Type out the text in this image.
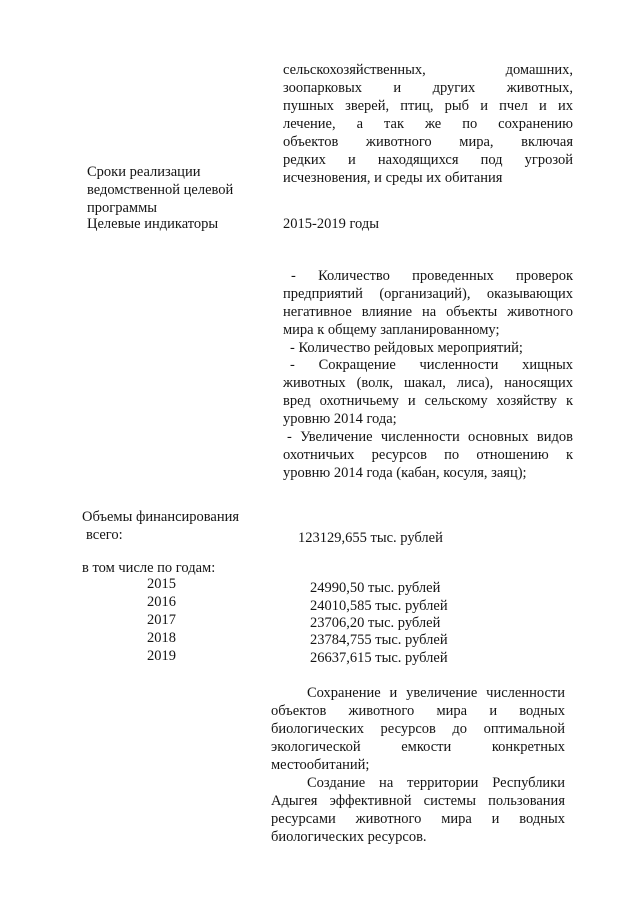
сельскохозяйственных, домашних,
зоопарковых и других животных,
пушных зверей, птиц, рыб и пчел и их
лечение, а так же по сохранению
объектов животного мира, включая
редких и находящихся под угрозой
исчезновения, и среды их обитания
Сроки реализации
ведомственной целевой
программы
Целевые индикаторы	2015-2019 годы
- Количество проведенных проверок
предприятий (организаций), оказывающих
негативное влияние на объекты животного
мира к общему запланированному;
- Количество рейдовых мероприятий;
- Сокращение численности хищных
животных (волк, шакал, лиса), наносящих
вред охотничьему и сельскому хозяйству к
уровню 2014 года;
- Увеличение численности основных видов
охотничьих ресурсов по отношению к
уровню 2014 года (кабан, косуля, заяц);
Объемы финансирования
всего:	123129,655 тыс. рублей
в том числе по годам:
2015
2016
2017
2018
2019
24990,50 тыс. рублей
24010,585 тыс. рублей
23706,20 тыс. рублей
23784,755 тыс. рублей
26637,615 тыс. рублей
Сохранение и увеличение численности
объектов животного мира и водных
биологических ресурсов до оптимальной
экологической емкости конкретных
местообитаний;
Создание на территории Республики
Адыгея эффективной системы пользования
ресурсами животного мира и водных
биологических ресурсов.
